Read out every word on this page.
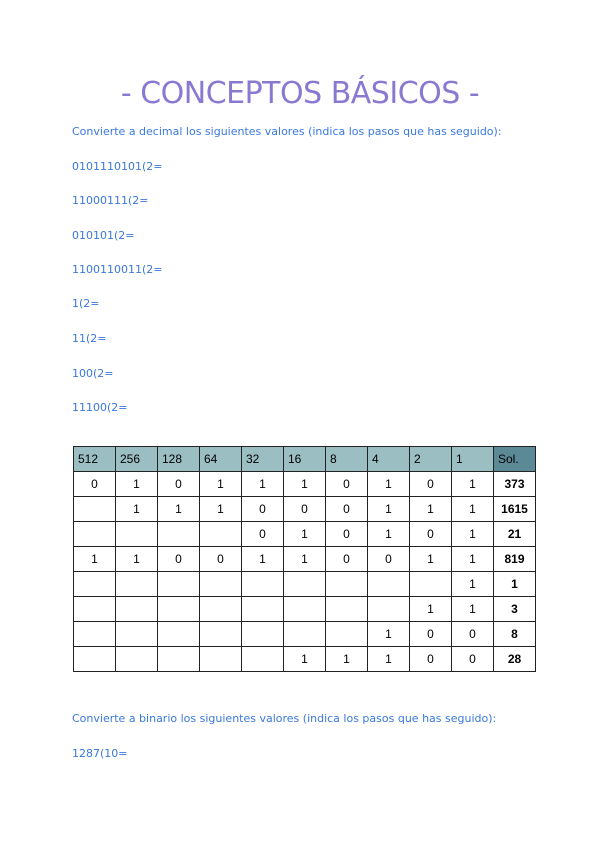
- CONCEPTOS BÁSICOS -

Convierte a decimal los siguientes valores (indica los pasos que has seguido):

0101110101(2=

11000111(2=

010101(2=

1100110011(2=

1(2=

11(2=

100(2=

11100(2=

512	256	128	64	32	16	8	4	2	1	Sol.
0	1	0	1	1	1	0	1	0	1	373
	1	1	1	0	0	0	1	1	1	1615
				0	1	0	1	0	1	21
1	1	0	0	1	1	0	0	1	1	819
									1	1
								1	1	3
							1	0	0	8
					1	1	1	0	0	28

Convierte a binario los siguientes valores (indica los pasos que has seguido):

1287(10=
